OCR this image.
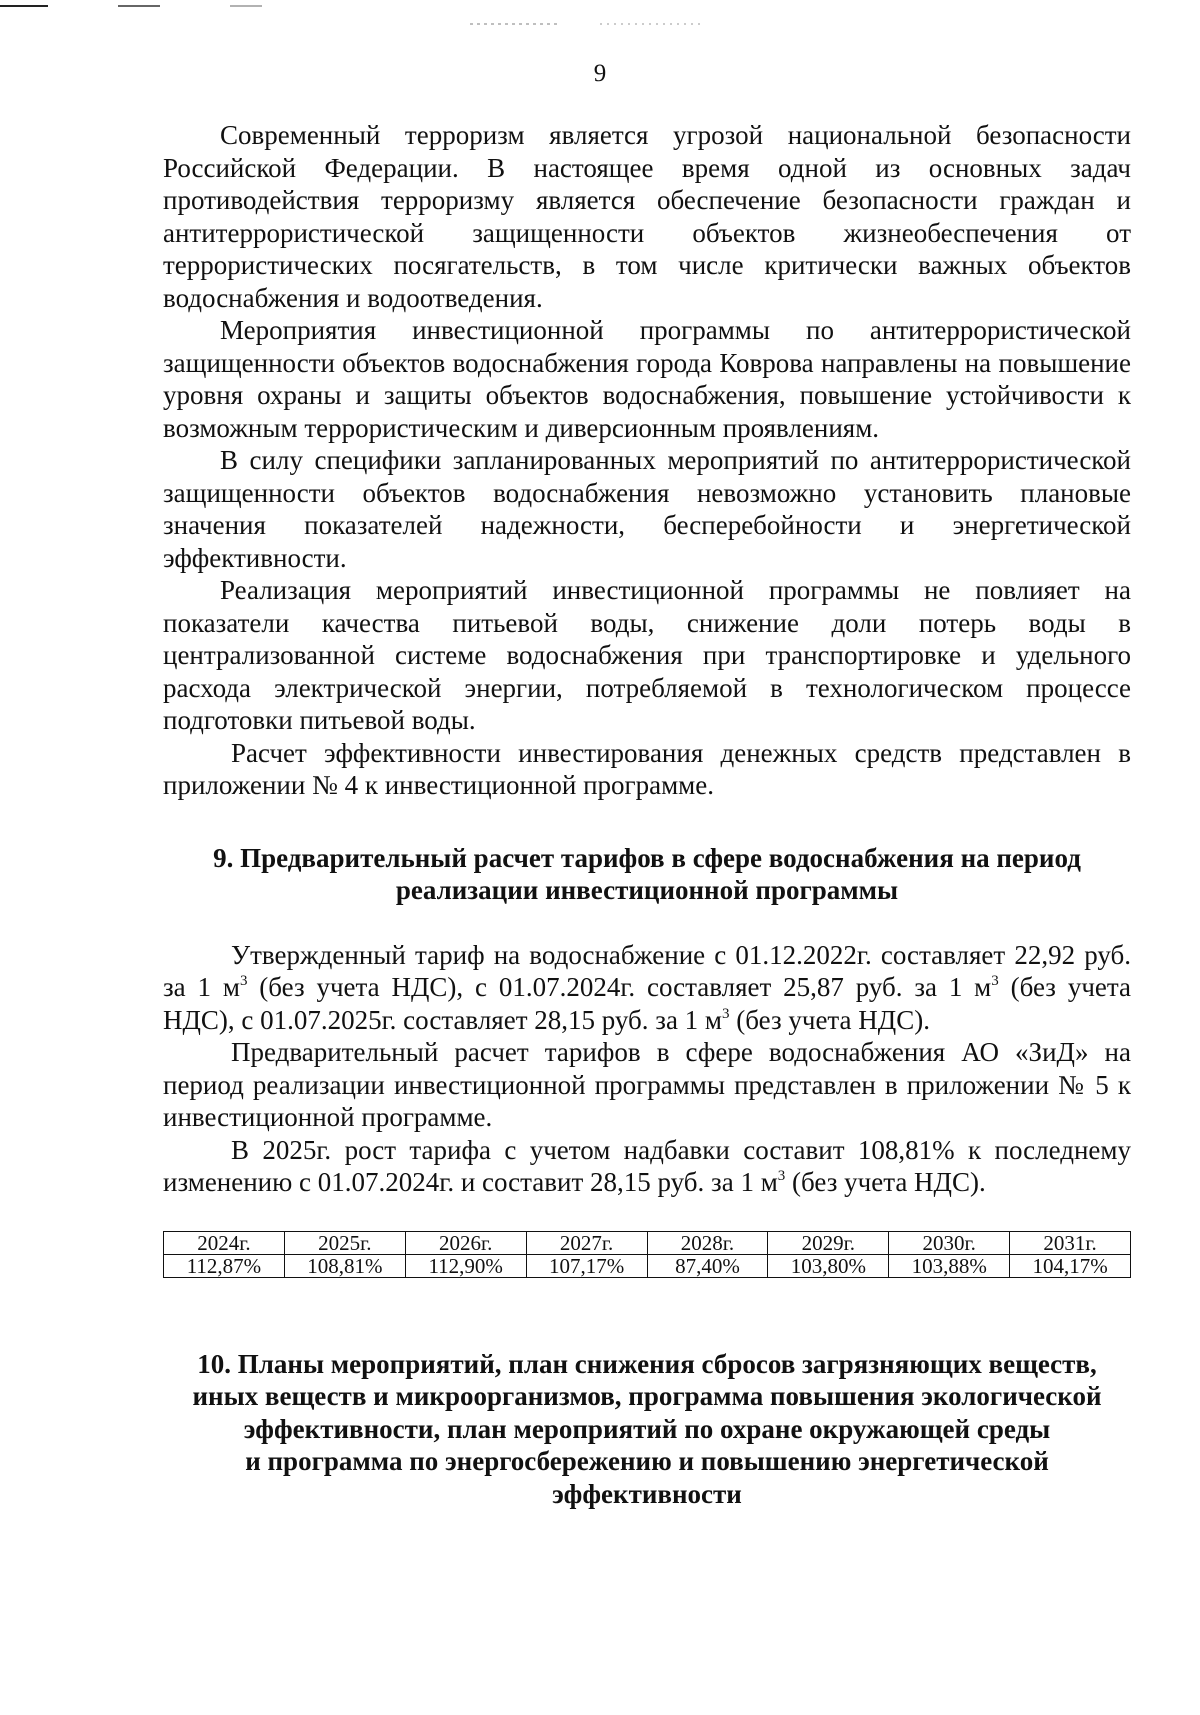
9

Современный терроризм является угрозой национальной безопасности Российской Федерации. В настоящее время одной из основных задач противодействия терроризму является обеспечение безопасности граждан и антитеррористической защищенности объектов жизнеобеспечения от террористических посягательств, в том числе критически важных объектов водоснабжения и водоотведения.

Мероприятия инвестиционной программы по антитеррористической защищенности объектов водоснабжения города Коврова направлены на повышение уровня охраны и защиты объектов водоснабжения, повышение устойчивости к возможным террористическим и диверсионным проявлениям.

В силу специфики запланированных мероприятий по антитеррористической защищенности объектов водоснабжения невозможно установить плановые значения показателей надежности, бесперебойности и энергетической эффективности.

Реализация мероприятий инвестиционной программы не повлияет на показатели качества питьевой воды, снижение доли потерь воды в централизованной системе водоснабжения при транспортировке и удельного расхода электрической энергии, потребляемой в технологическом процессе подготовки питьевой воды.

Расчет эффективности инвестирования денежных средств представлен в приложении № 4 к инвестиционной программе.

9. Предварительный расчет тарифов в сфере водоснабжения на период
реализации инвестиционной программы

Утвержденный тариф на водоснабжение с 01.12.2022г. составляет 22,92 руб. за 1 $м^3$ (без учета НДС), с 01.07.2024г. составляет 25,87 руб. за 1 $м^3$ (без учета НДС), с 01.07.2025г. составляет 28,15 руб. за 1 $м^3$ (без учета НДС).

Предварительный расчет тарифов в сфере водоснабжения АО «ЗиД» на период реализации инвестиционной программы представлен в приложении № 5 к инвестиционной программе.

В 2025г. рост тарифа с учетом надбавки составит 108,81% к последнему изменению с 01.07.2024г. и составит 28,15 руб. за 1 $м^3$ (без учета НДС).

2024г.	2025г.	2026г.	2027г.	2028г.	2029г.	2030г.	2031г.
112,87%	108,81%	112,90%	107,17%	87,40%	103,80%	103,88%	104,17%
10. Планы мероприятий, план снижения сбросов загрязняющих веществ,
иных веществ и микроорганизмов, программа повышения экологической
эффективности, план мероприятий по охране окружающей среды
и программа по энергосбережению и повышению энергетической
эффективности
